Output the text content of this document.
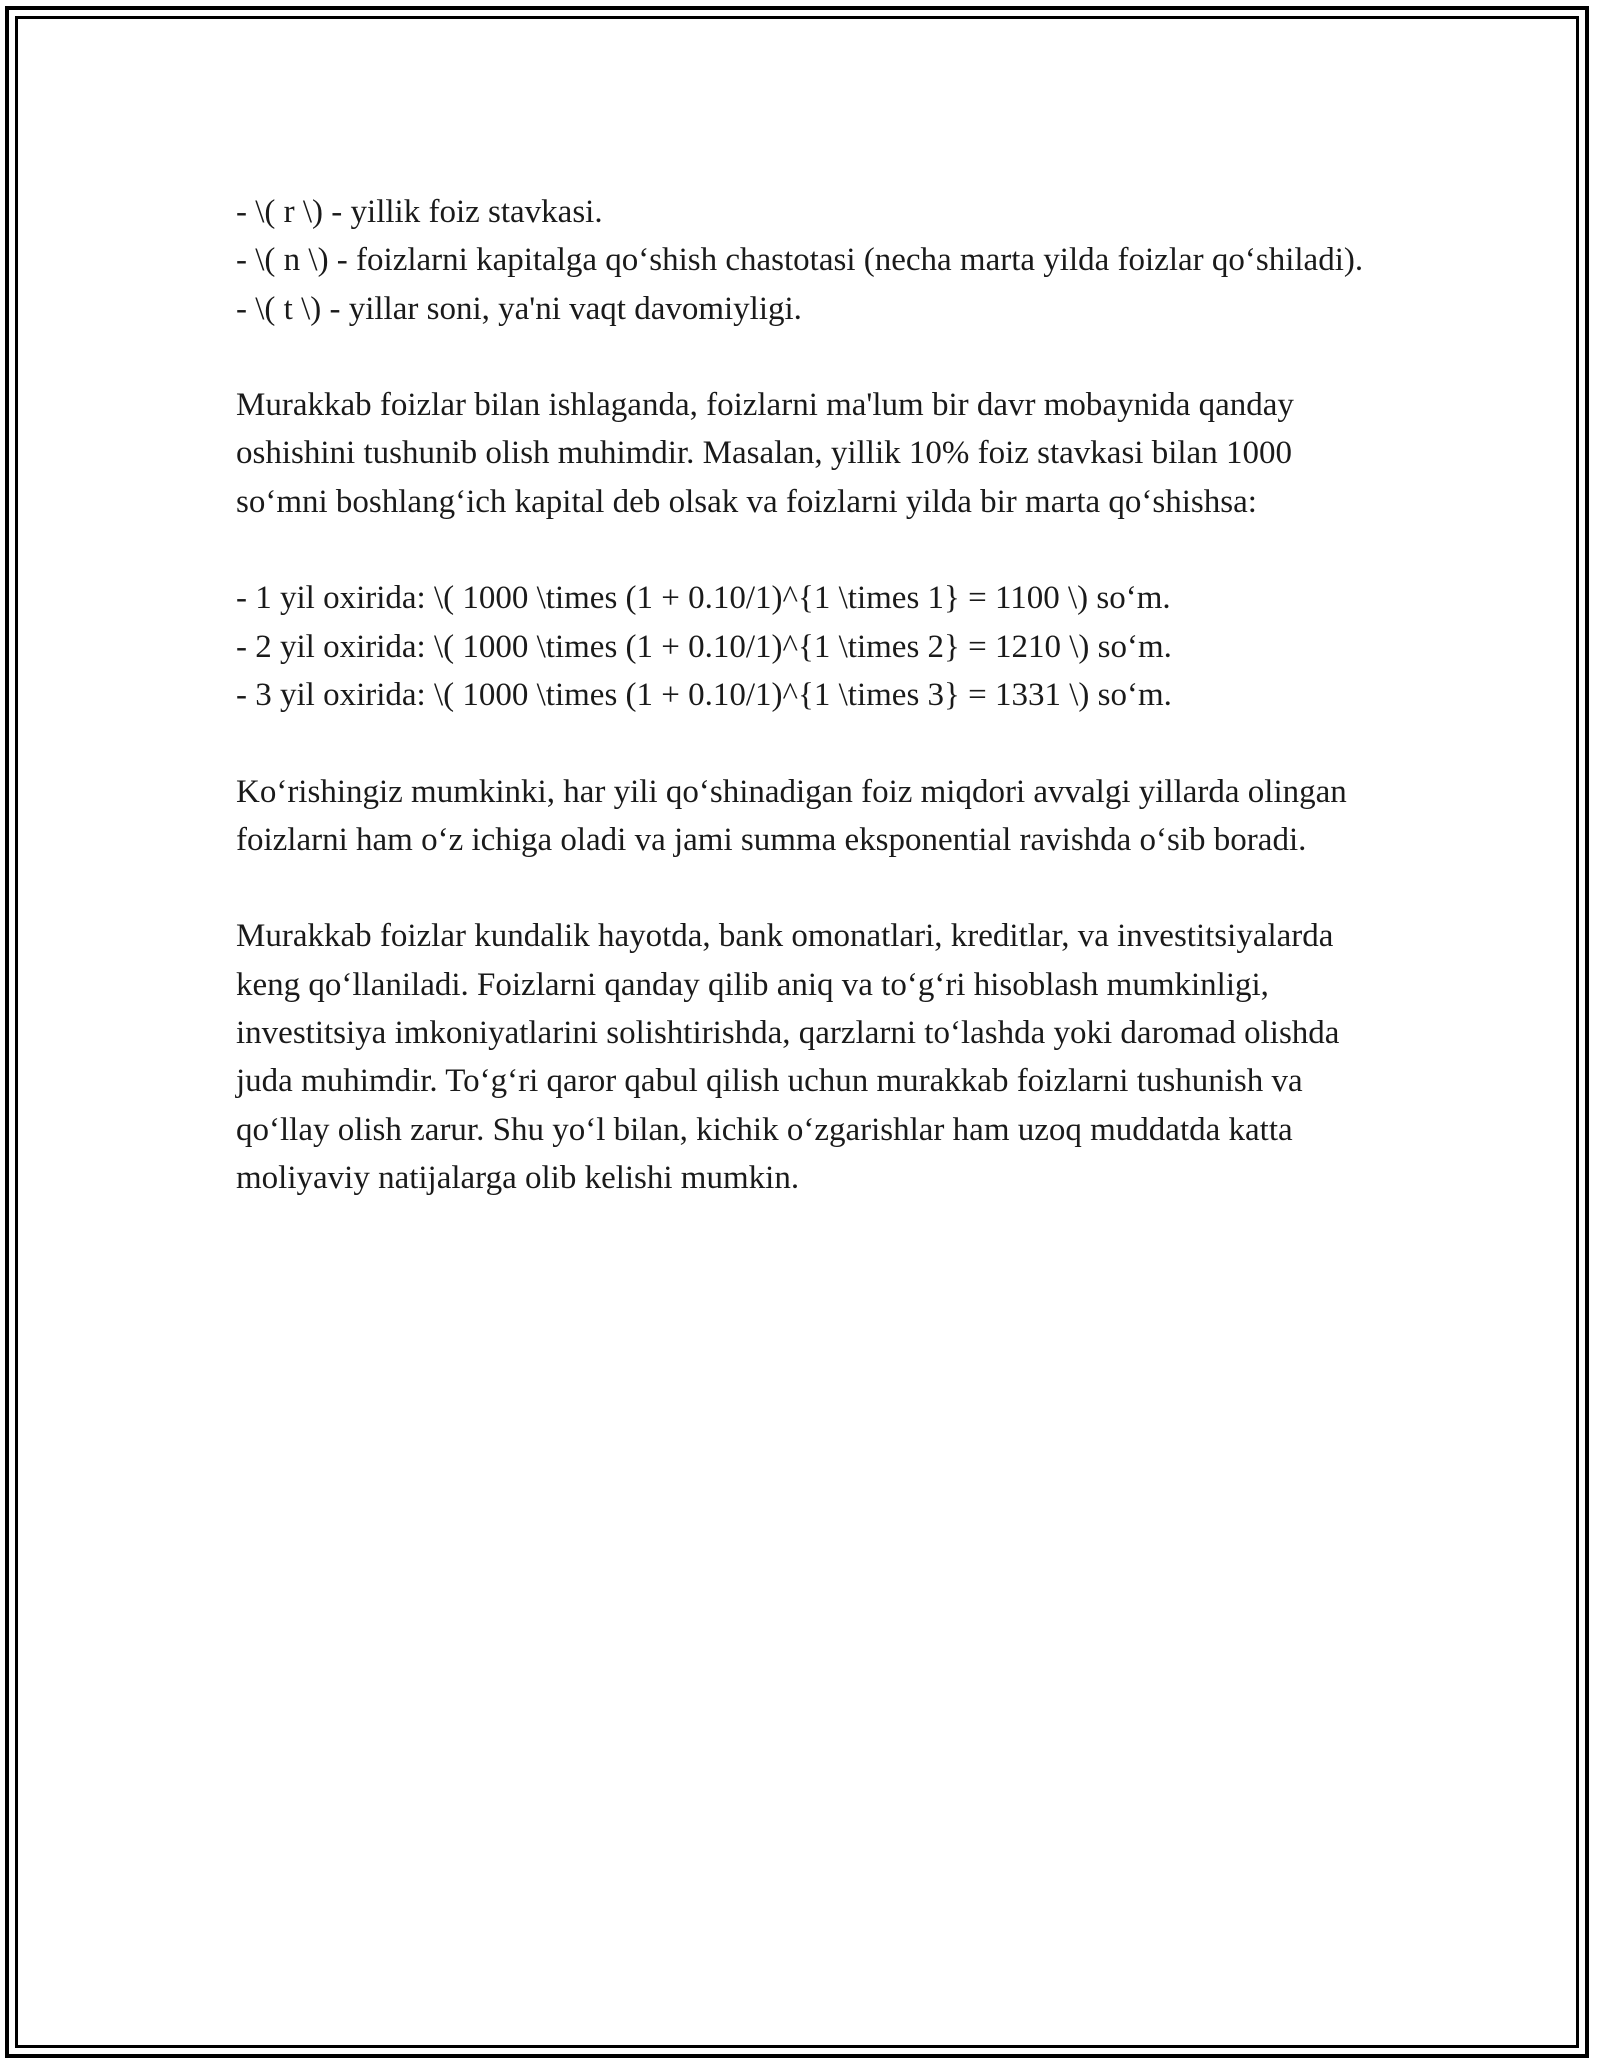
- \( r \) - yillik foiz stavkasi.
- \( n \) - foizlarni kapitalga qo‘shish chastotasi (necha marta yilda foizlar qo‘shiladi).
- \( t \) - yillar soni, ya'ni vaqt davomiyligi.

Murakkab foizlar bilan ishlaganda, foizlarni ma'lum bir davr mobaynida qanday oshishini tushunib olish muhimdir. Masalan, yillik 10% foiz stavkasi bilan 1000 so‘mni boshlang‘ich kapital deb olsak va foizlarni yilda bir marta qo‘shishsa:

- 1 yil oxirida: \( 1000 \times (1 + 0.10/1)^{1 \times 1} = 1100 \) so‘m.
- 2 yil oxirida: \( 1000 \times (1 + 0.10/1)^{1 \times 2} = 1210 \) so‘m.
- 3 yil oxirida: \( 1000 \times (1 + 0.10/1)^{1 \times 3} = 1331 \) so‘m.

Ko‘rishingiz mumkinki, har yili qo‘shinadigan foiz miqdori avvalgi yillarda olingan foizlarni ham o‘z ichiga oladi va jami summa eksponential ravishda o‘sib boradi.

Murakkab foizlar kundalik hayotda, bank omonatlari, kreditlar, va investitsiyalarda keng qo‘llaniladi. Foizlarni qanday qilib aniq va to‘g‘ri hisoblash mumkinligi, investitsiya imkoniyatlarini solishtirishda, qarzlarni to‘lashda yoki daromad olishda juda muhimdir. To‘g‘ri qaror qabul qilish uchun murakkab foizlarni tushunish va qo‘llay olish zarur. Shu yo‘l bilan, kichik o‘zgarishlar ham uzoq muddatda katta moliyaviy natijalarga olib kelishi mumkin.
